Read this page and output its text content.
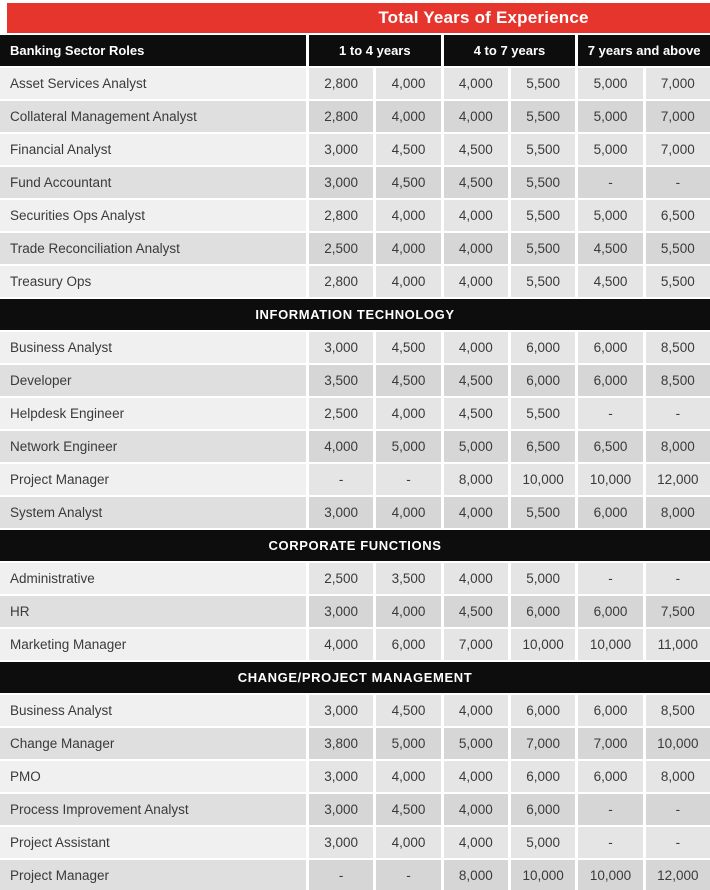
Total Years of Experience
Banking Sector Roles	1 to 4 years	4 to 7 years	7 years and above
Asset Services Analyst	2,800	4,000	4,000	5,500	5,000	7,000
Collateral Management Analyst	2,800	4,000	4,000	5,500	5,000	7,000
Financial Analyst	3,000	4,500	4,500	5,500	5,000	7,000
Fund Accountant	3,000	4,500	4,500	5,500	-	-
Securities Ops Analyst	2,800	4,000	4,000	5,500	5,000	6,500
Trade Reconciliation Analyst	2,500	4,000	4,000	5,500	4,500	5,500
Treasury Ops	2,800	4,000	4,000	5,500	4,500	5,500
INFORMATION TECHNOLOGY
Business Analyst	3,000	4,500	4,000	6,000	6,000	8,500
Developer	3,500	4,500	4,500	6,000	6,000	8,500
Helpdesk Engineer	2,500	4,000	4,500	5,500	-	-
Network Engineer	4,000	5,000	5,000	6,500	6,500	8,000
Project Manager	-	-	8,000	10,000	10,000	12,000
System Analyst	3,000	4,000	4,000	5,500	6,000	8,000
CORPORATE FUNCTIONS
Administrative	2,500	3,500	4,000	5,000	-	-
HR	3,000	4,000	4,500	6,000	6,000	7,500
Marketing Manager	4,000	6,000	7,000	10,000	10,000	11,000
CHANGE/PROJECT MANAGEMENT
Business Analyst	3,000	4,500	4,000	6,000	6,000	8,500
Change Manager	3,800	5,000	5,000	7,000	7,000	10,000
PMO	3,000	4,000	4,000	6,000	6,000	8,000
Process Improvement Analyst	3,000	4,500	4,000	6,000	-	-
Project Assistant	3,000	4,000	4,000	5,000	-	-
Project Manager	-	-	8,000	10,000	10,000	12,000
